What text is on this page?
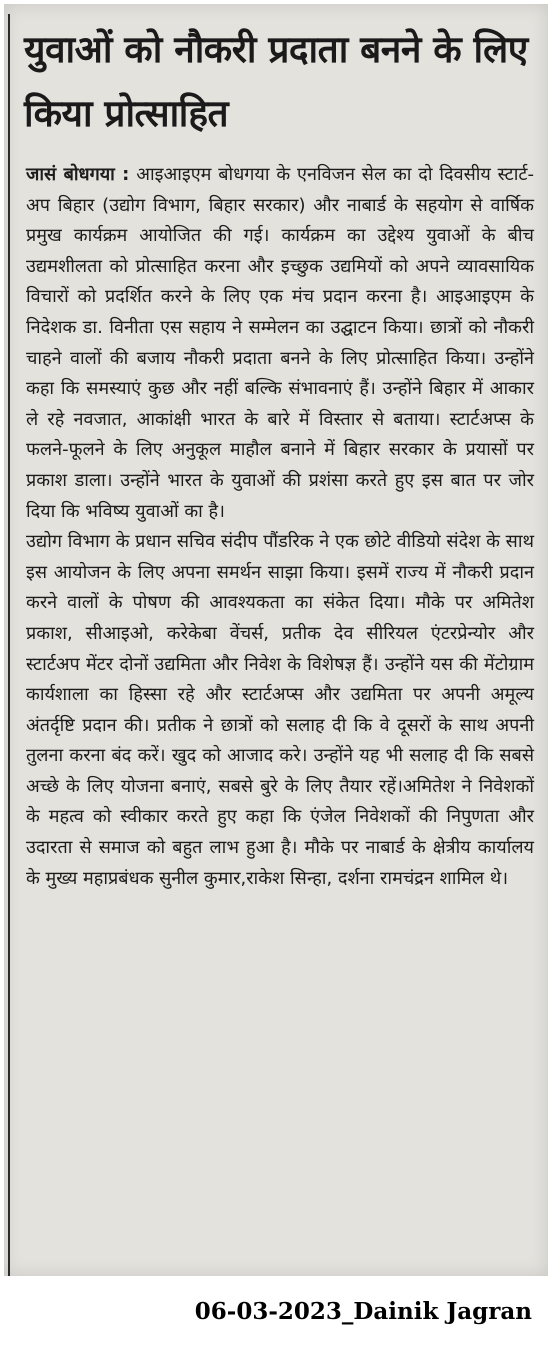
युवाओं को नौकरी प्रदाता बनने के लिए किया प्रोत्साहित

जासं बोधगया : आइआइएम बोधगया के एनविजन सेल का दो दिवसीय स्टार्ट-अप बिहार (उद्योग विभाग, बिहार सरकार) और नाबार्ड के सहयोग से वार्षिक प्रमुख कार्यक्रम आयोजित की गई। कार्यक्रम का उद्देश्य युवाओं के बीच उद्यमशीलता को प्रोत्साहित करना और इच्छुक उद्यमियों को अपने व्यावसायिक विचारों को प्रदर्शित करने के लिए एक मंच प्रदान करना है। आइआइएम के निदेशक डा. विनीता एस सहाय ने सम्मेलन का उद्घाटन किया। छात्रों को नौकरी चाहने वालों की बजाय नौकरी प्रदाता बनने के लिए प्रोत्साहित किया। उन्होंने कहा कि समस्याएं कुछ और नहीं बल्कि संभावनाएं हैं। उन्होंने बिहार में आकार ले रहे नवजात, आकांक्षी भारत के बारे में विस्तार से बताया। स्टार्टअप्स के फलने-फूलने के लिए अनुकूल माहौल बनाने में बिहार सरकार के प्रयासों पर प्रकाश डाला। उन्होंने भारत के युवाओं की प्रशंसा करते हुए इस बात पर जोर दिया कि भविष्य युवाओं का है।

उद्योग विभाग के प्रधान सचिव संदीप पौंडरिक ने एक छोटे वीडियो संदेश के साथ इस आयोजन के लिए अपना समर्थन साझा किया। इसमें राज्य में नौकरी प्रदान करने वालों के पोषण की आवश्यकता का संकेत दिया। मौके पर अमितेश प्रकाश, सीआइओ, करेकेबा वेंचर्स, प्रतीक देव सीरियल एंटरप्रेन्योर और स्टार्टअप मेंटर दोनों उद्यमिता और निवेश के विशेषज्ञ हैं। उन्होंने यस की मेंटोग्राम कार्यशाला का हिस्सा रहे और स्टार्टअप्स और उद्यमिता पर अपनी अमूल्य अंतर्दृष्टि प्रदान की। प्रतीक ने छात्रों को सलाह दी कि वे दूसरों के साथ अपनी तुलना करना बंद करें। खुद को आजाद करे। उन्होंने यह भी सलाह दी कि सबसे अच्छे के लिए योजना बनाएं, सबसे बुरे के लिए तैयार रहें।अमितेश ने निवेशकों के महत्व को स्वीकार करते हुए कहा कि एंजेल निवेशकों की निपुणता और उदारता से समाज को बहुत लाभ हुआ है। मौके पर नाबार्ड के क्षेत्रीय कार्यालय के मुख्य महाप्रबंधक सुनील कुमार,राकेश सिन्हा, दर्शना रामचंद्रन शामिल थे।

06-03-2023_Dainik Jagran
